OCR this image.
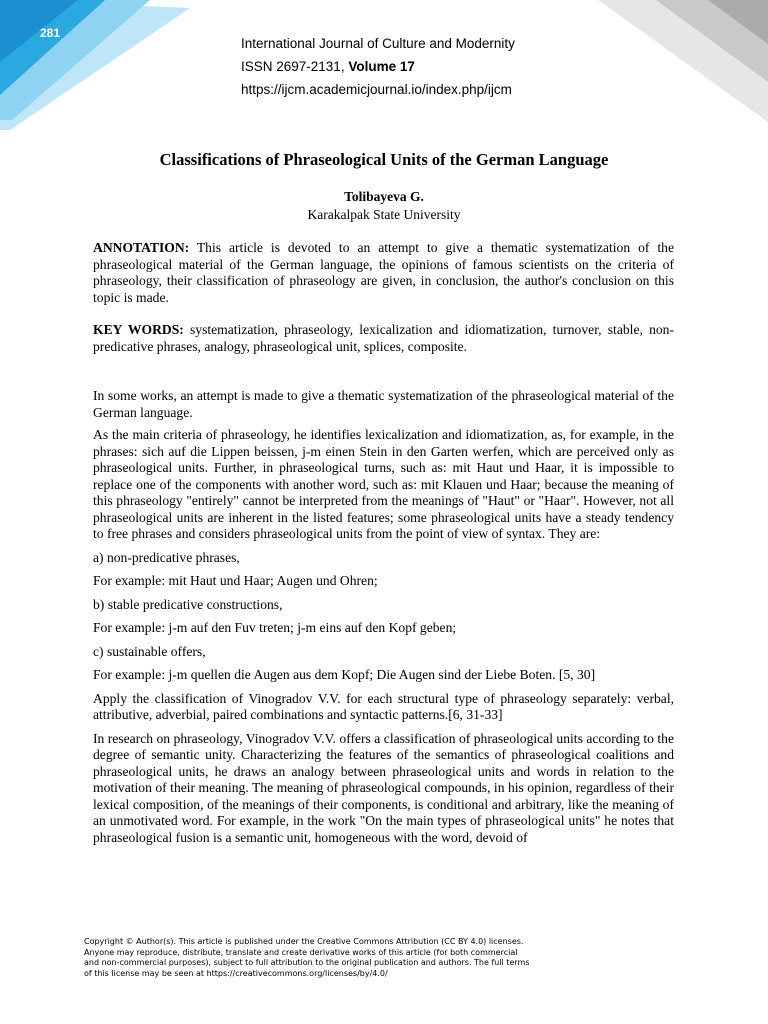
281
International Journal of Culture and Modernity
ISSN 2697-2131, Volume 17
https://ijcm.academicjournal.io/index.php/ijcm
Classifications of Phraseological Units of the German Language
Tolibayeva G.
Karakalpak State University

ANNOTATION: This article is devoted to an attempt to give a thematic systematization of the phraseological material of the German language, the opinions of famous scientists on the criteria of phraseology, their classification of phraseology are given, in conclusion, the author's conclusion on this topic is made.

KEY WORDS: systematization, phraseology, lexicalization and idiomatization, turnover, stable, non-predicative phrases, analogy, phraseological unit, splices, composite.

In some works, an attempt is made to give a thematic systematization of the phraseological material of the German language.

As the main criteria of phraseology, he identifies lexicalization and idiomatization, as, for example, in the phrases: sich auf die Lippen beissen, j-m einen Stein in den Garten werfen, which are perceived only as phraseological units. Further, in phraseological turns, such as: mit Haut und Haar, it is impossible to replace one of the components with another word, such as: mit Klauen und Haar; because the meaning of this phraseology "entirely" cannot be interpreted from the meanings of "Haut" or "Haar". However, not all phraseological units are inherent in the listed features; some phraseological units have a steady tendency to free phrases and considers phraseological units from the point of view of syntax. They are:

a) non-predicative phrases,

For example: mit Haut und Haar; Augen und Ohren;

b) stable predicative constructions,

For example: j-m auf den Fuv treten; j-m eins auf den Kopf geben;

c) sustainable offers,

For example: j-m quellen die Augen aus dem Kopf; Die Augen sind der Liebe Boten. [5, 30]

Apply the classification of Vinogradov V.V. for each structural type of phraseology separately: verbal, attributive, adverbial, paired combinations and syntactic patterns.[6, 31-33]

In research on phraseology, Vinogradov V.V. offers a classification of phraseological units according to the degree of semantic unity. Characterizing the features of the semantics of phraseological coalitions and phraseological units, he draws an analogy between phraseological units and words in relation to the motivation of their meaning. The meaning of phraseological compounds, in his opinion, regardless of their lexical composition, of the meanings of their components, is conditional and arbitrary, like the meaning of an unmotivated word. For example, in the work "On the main types of phraseological units" he notes that phraseological fusion is a semantic unit, homogeneous with the word, devoid of

Copyright © Author(s). This article is published under the Creative Commons Attribution (CC BY 4.0) licenses.
Anyone may reproduce, distribute, translate and create derivative works of this article (for both commercial
and non-commercial purposes), subject to full attribution to the original publication and authors. The full terms
of this license may be seen at https://creativecommons.org/licenses/by/4.0/
